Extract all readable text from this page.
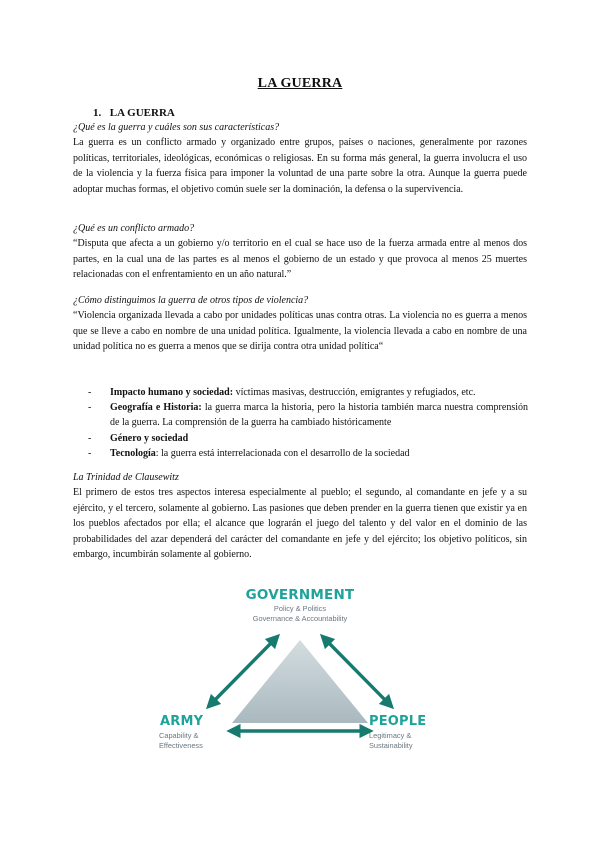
LA GUERRA
1. LA GUERRA
¿Qué es la guerra y cuáles son sus características?
La guerra es un conflicto armado y organizado entre grupos, países o naciones, generalmente por razones políticas, territoriales, ideológicas, económicas o religiosas. En su forma más general, la guerra involucra el uso de la violencia y la fuerza física para imponer la voluntad de una parte sobre la otra. Aunque la guerra puede adoptar muchas formas, el objetivo común suele ser la dominación, la defensa o la supervivencia.
¿Qué es un conflicto armado?
“Disputa que afecta a un gobierno y/o territorio en el cual se hace uso de la fuerza armada entre al menos dos partes, en la cual una de las partes es al menos el gobierno de un estado y que provoca al menos 25 muertes relacionadas con el enfrentamiento en un año natural.”
¿Cómo distinguimos la guerra de otros tipos de violencia?
“Violencia organizada llevada a cabo por unidades políticas unas contra otras. La violencia no es guerra a menos que se lleve a cabo en nombre de una unidad política. Igualmente, la violencia llevada a cabo en nombre de una unidad política no es guerra a menos que se dirija contra otra unidad política“
- Impacto humano y sociedad: víctimas masivas, destrucción, emigrantes y refugiados, etc.
- Geografía e Historia: la guerra marca la historia, pero la historia también marca nuestra comprensión de la guerra. La comprensión de la guerra ha cambiado históricamente
- Género y sociedad
- Tecnología: la guerra está interrelacionada con el desarrollo de la sociedad
La Trinidad de Clausewitz
El primero de estos tres aspectos interesa especialmente al pueblo; el segundo, al comandante en jefe y a su ejército, y el tercero, solamente al gobierno. Las pasiones que deben prender en la guerra tienen que existir ya en los pueblos afectados por ella; el alcance que lograrán el juego del talento y del valor en el dominio de las probabilidades del azar dependerá del carácter del comandante en jefe y del ejército; los objetivo políticos, sin embargo, incumbirán solamente al gobierno.
GOVERNMENT
Policy & Politics
Governance & Accountability
ARMY
Capability &
Effectiveness
PEOPLE
Legitimacy &
Sustainability
